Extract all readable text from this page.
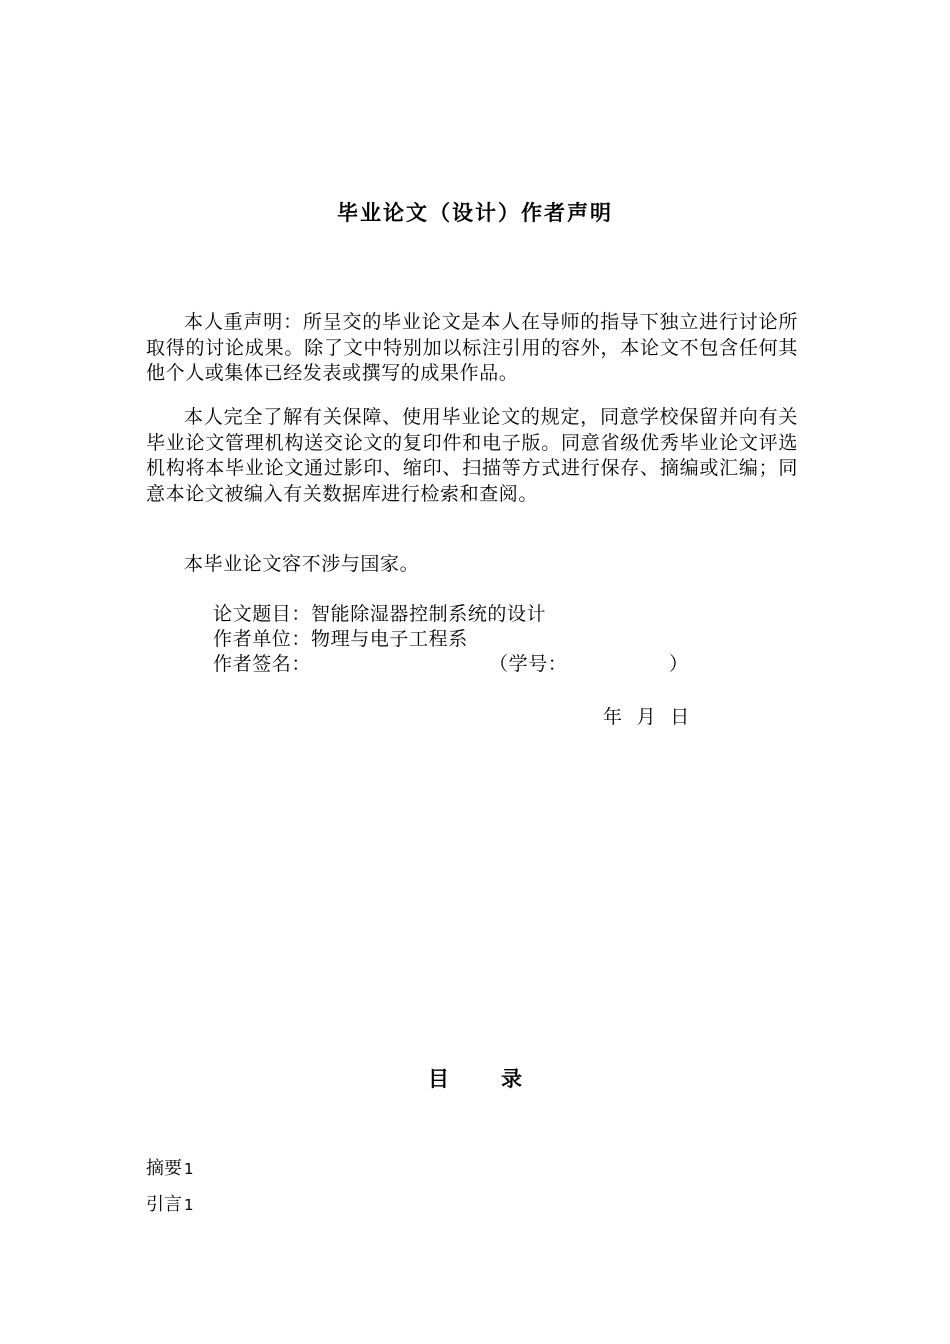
毕业论文（设计）作者声明

本人重声明：所呈交的毕业论文是本人在导师的指导下独立进行讨论所取得的讨论成果。除了文中特别加以标注引用的容外，本论文不包含任何其他个人或集体已经发表或撰写的成果作品。

本人完全了解有关保障、使用毕业论文的规定，同意学校保留并向有关毕业论文管理机构送交论文的复印件和电子版。同意省级优秀毕业论文评选机构将本毕业论文通过影印、缩印、扫描等方式进行保存、摘编或汇编；同意本论文被编入有关数据库进行检索和查阅。

本毕业论文容不涉与国家。

论文题目：智能除湿器控制系统的设计
作者单位：物理与电子工程系
作者签名：	（学号：	）
年 月 日
目 录
摘要 1
引言 1
